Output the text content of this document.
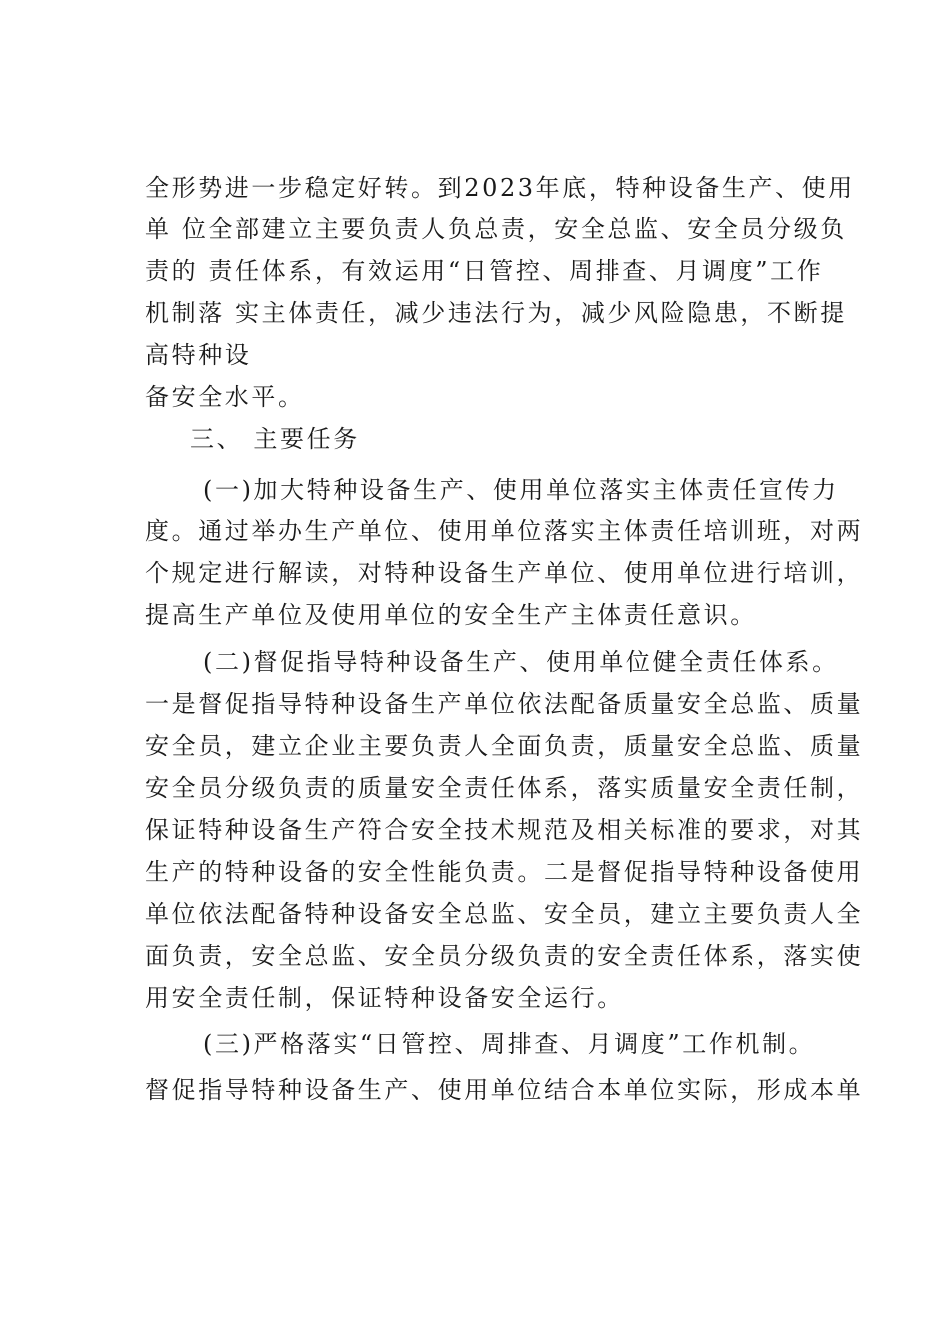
全形势进一步稳定好转。到2023年底，特种设备生产、使用
单 位全部建立主要负责人负总责，安全总监、安全员分级负
责的 责任体系，有效运用“日管控、周排查、月调度”工作
机制落 实主体责任，减少违法行为，减少风险隐患，不断提
高特种设
备安全水平。
三、 主要任务
(一)加大特种设备生产、使用单位落实主体责任宣传力
度。通过举办生产单位、使用单位落实主体责任培训班，对两
个规定进行解读，对特种设备生产单位、使用单位进行培训，
提高生产单位及使用单位的安全生产主体责任意识。
(二)督促指导特种设备生产、使用单位健全责任体系。
一是督促指导特种设备生产单位依法配备质量安全总监、质量
安全员，建立企业主要负责人全面负责，质量安全总监、质量
安全员分级负责的质量安全责任体系，落实质量安全责任制，
保证特种设备生产符合安全技术规范及相关标准的要求，对其
生产的特种设备的安全性能负责。二是督促指导特种设备使用
单位依法配备特种设备安全总监、安全员，建立主要负责人全
面负责，安全总监、安全员分级负责的安全责任体系，落实使
用安全责任制，保证特种设备安全运行。
(三)严格落实“日管控、周排查、月调度”工作机制。
督促指导特种设备生产、使用单位结合本单位实际，形成本单
